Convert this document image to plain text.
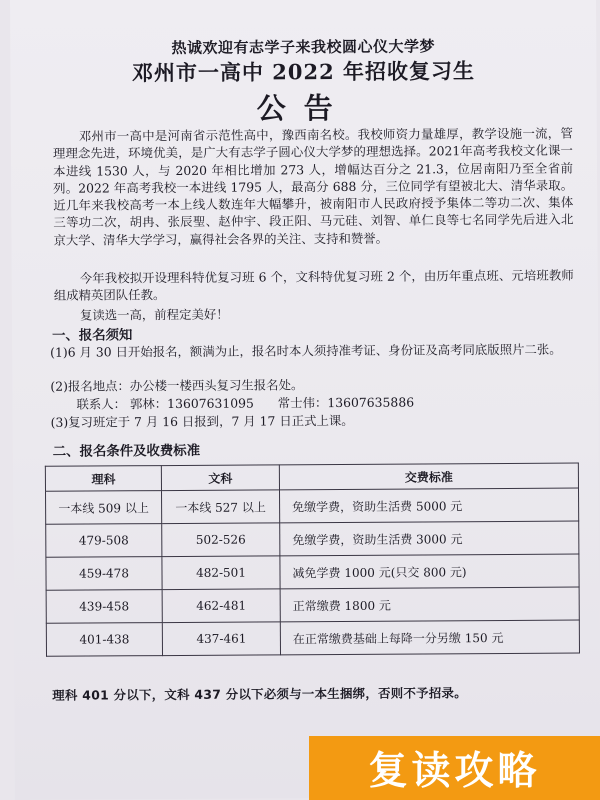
热诚欢迎有志学子来我校圆心仪大学梦
邓州市一高中 2022 年招收复习生
公告
邓州市一高中是河南省示范性高中，豫西南名校。我校师资力量雄厚，教学设施一流，管理理念先进，环境优美，是广大有志学子圆心仪大学梦的理想选择。2021年高考我校文化课一本进线 1530 人，与 2020 年相比增加 273 人，增幅达百分之 21.3，位居南阳乃至全省前列。2022 年高考我校一本进线 1795 人，最高分 688 分，三位同学有望被北大、清华录取。近几年来我校高考一本上线人数连年大幅攀升，被南阳市人民政府授予集体二等功二次、集体三等功二次，胡冉、张辰聖、赵仲宇、段正阳、马元硅、刘智、单仁良等七名同学先后进入北京大学、清华大学学习，赢得社会各界的关注、支持和赞誉。
今年我校拟开设理科特优复习班 6 个，文科特优复习班 2 个，由历年重点班、元培班教师组成精英团队任教。
复读选一高，前程定美好！
一、报名须知
(1)6 月 30 日开始报名，额满为止，报名时本人须持准考证、身份证及高考同底版照片二张。
(2)报名地点：办公楼一楼西头复习生报名处。
联系人： 郭林：13607631095 常士伟：13607635886
(3)复习班定于 7 月 16 日报到，7 月 17 日正式上课。
二、报名条件及收费标准
理科	文科	交费标准
一本线 509 以上	一本线 527 以上	免缴学费，资助生活费 5000 元
479-508	502-526	免缴学费，资助生活费 3000 元
459-478	482-501	减免学费 1000 元(只交 800 元)
439-458	462-481	正常缴费 1800 元
401-438	437-461	在正常缴费基础上每降一分另缴 150 元
理科 401 分以下，文科 437 分以下必须与一本生捆绑，否则不予招录。
复读攻略
